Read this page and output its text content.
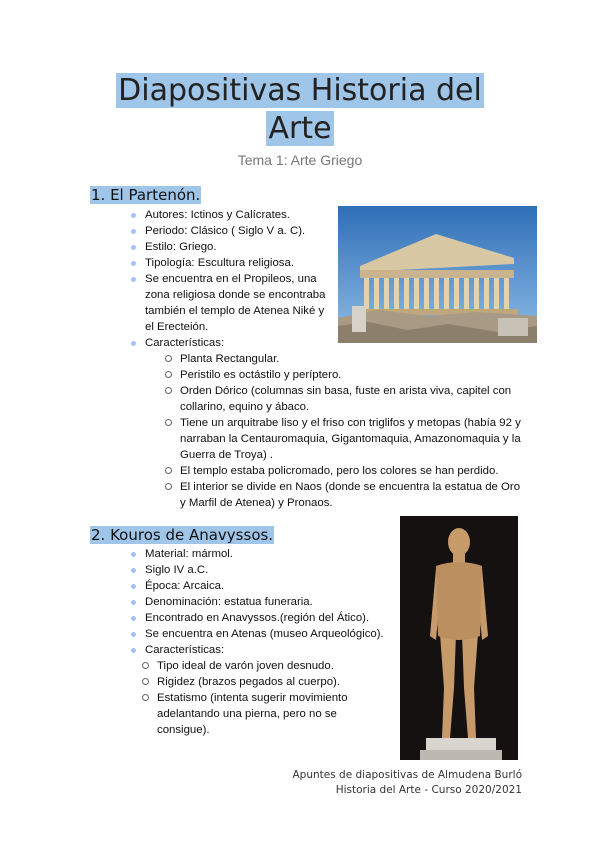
Diapositivas Historia del
Arte

Tema 1: Arte Griego

1. El Partenón.
Autores: Ictinos y Calícrates.
Periodo: Clásico ( Siglo V a. C).
Estilo: Griego.
Tipología: Escultura religiosa.
Se encuentra en el Propileos, una zona religiosa donde se encontraba también el templo de Atenea Niké y el Erecteión.
Características:
Planta Rectangular.
Peristilo es octástilo y períptero.
Orden Dórico (columnas sin basa, fuste en arista viva, capitel con collarino, equino y ábaco.
Tiene un arquitrabe liso y el friso con triglifos y metopas (había 92 y narraban la Centauromaquia, Gigantomaquia, Amazonomaquia y la Guerra de Troya) .
El templo estaba policromado, pero los colores se han perdido.
El interior se divide en Naos (donde se encuentra la estatua de Oro y Marfil de Atenea) y Pronaos.
2. Kouros de Anavyssos.
Material: mármol.
Siglo IV a.C.
Época: Arcaica.
Denominación: estatua funeraria.
Encontrado en Anavyssos.(región del Ático).
Se encuentra en Atenas (museo Arqueológico).
Características:
Tipo ideal de varón joven desnudo.
Rigidez (brazos pegados al cuerpo).
Estatismo (intenta sugerir movimiento adelantando una pierna, pero no se consigue).
Apuntes de diapositivas de Almudena Burló
Historia del Arte - Curso 2020/2021
